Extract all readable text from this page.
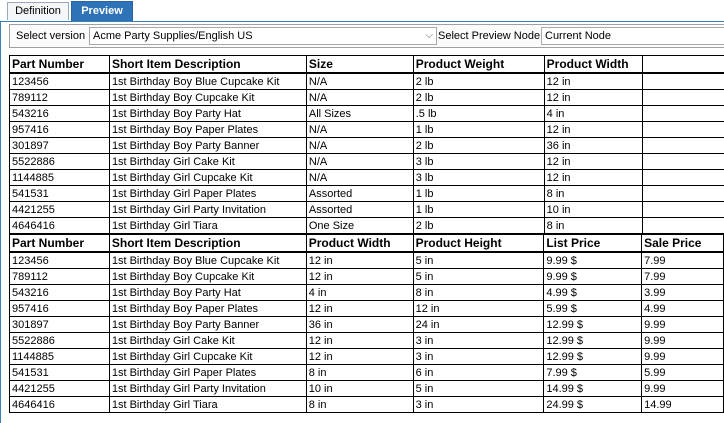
Definition	Preview
Select version Acme Party Supplies/English US	⌵ Select Preview Node Current Node
Part Number	Short Item Description	Size	Product Weight	Product Width	
123456	1st Birthday Boy Blue Cupcake Kit	N/A	2 lb	12 in	
789112	1st Birthday Boy Cupcake Kit	N/A	2 lb	12 in	
543216	1st Birthday Boy Party Hat	All Sizes	.5 lb	4 in	
957416	1st Birthday Boy Paper Plates	N/A	1 lb	12 in	
301897	1st Birthday Boy Party Banner	N/A	2 lb	36 in	
5522886	1st Birthday Girl Cake Kit	N/A	3 lb	12 in	
1144885	1st Birthday Girl Cupcake Kit	N/A	3 lb	12 in	
541531	1st Birthday Girl Paper Plates	Assorted	1 lb	8 in	
4421255	1st Birthday Girl Party Invitation	Assorted	1 lb	10 in	
4646416	1st Birthday Girl Tiara	One Size	2 lb	8 in	
Part Number	Short Item Description	Product Width	Product Height	List Price	Sale Price
123456	1st Birthday Boy Blue Cupcake Kit	12 in	5 in	9.99 $	7.99
789112	1st Birthday Boy Cupcake Kit	12 in	5 in	9.99 $	7.99
543216	1st Birthday Boy Party Hat	4 in	8 in	4.99 $	3.99
957416	1st Birthday Boy Paper Plates	12 in	12 in	5.99 $	4.99
301897	1st Birthday Boy Party Banner	36 in	24 in	12.99 $	9.99
5522886	1st Birthday Girl Cake Kit	12 in	3 in	12.99 $	9.99
1144885	1st Birthday Girl Cupcake Kit	12 in	3 in	12.99 $	9.99
541531	1st Birthday Girl Paper Plates	8 in	6 in	7.99 $	5.99
4421255	1st Birthday Girl Party Invitation	10 in	5 in	14.99 $	9.99
4646416	1st Birthday Girl Tiara	8 in	3 in	24.99 $	14.99
